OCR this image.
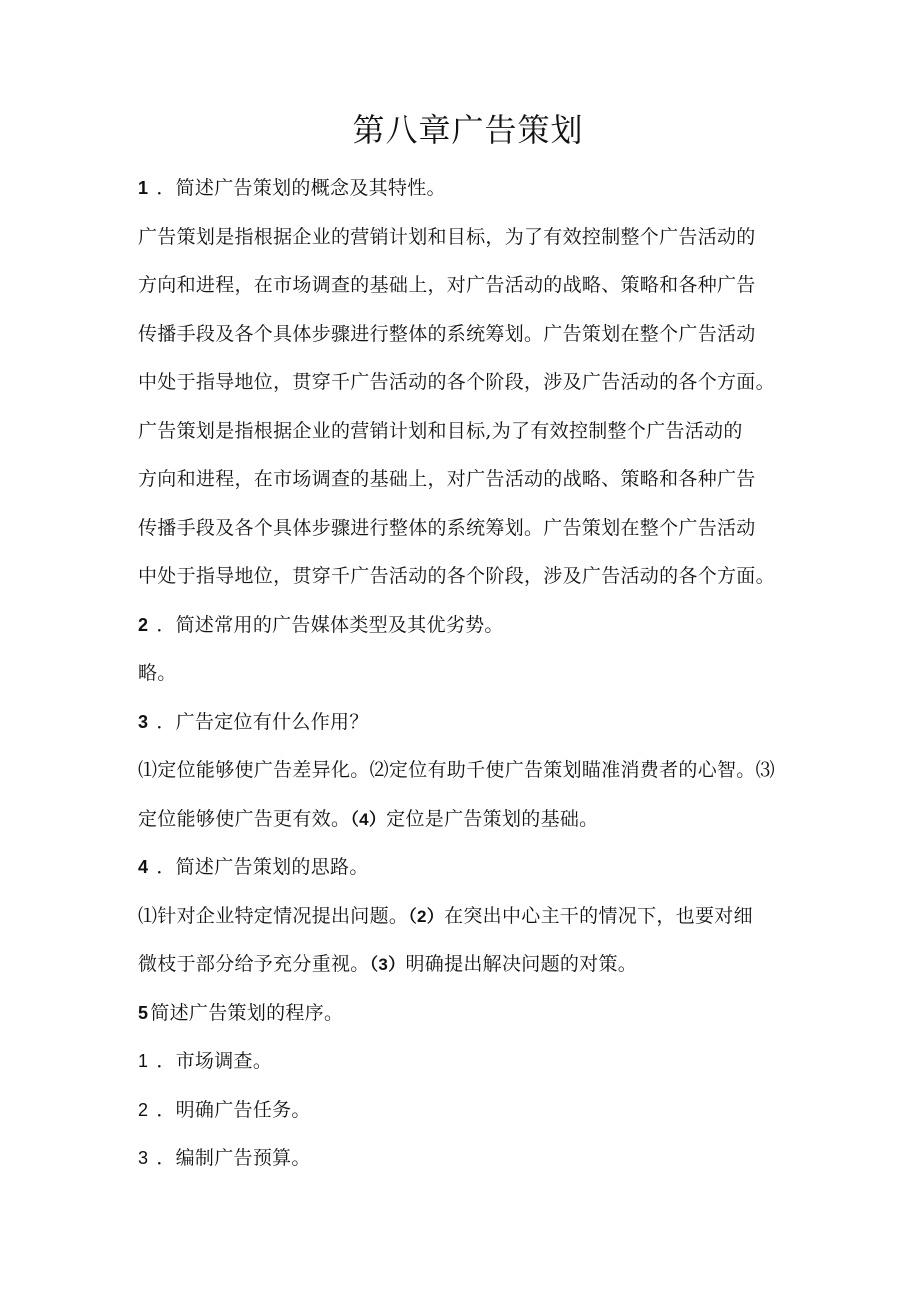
第八章广告策划
1 ．简述广告策划的概念及其特性。
广告策划是指根据企业的营销计划和目标，为了有效控制整个广告活动的
方向和进程，在市场调查的基础上，对广告活动的战略、策略和各种广告
传播手段及各个具体步骤进行整体的系统筹划。广告策划在整个广告活动
中处于指导地位，贯穿千广告活动的各个阶段，涉及广告活动的各个方面。
广告策划是指根据企业的营销计划和目标,为了有效控制整个广告活动的
方向和进程，在市场调查的基础上，对广告活动的战略、策略和各种广告
传播手段及各个具体步骤进行整体的系统筹划。广告策划在整个广告活动
中处于指导地位，贯穿千广告活动的各个阶段，涉及广告活动的各个方面。
2 ．简述常用的广告媒体类型及其优劣势。
略。
3 ．广告定位有什么作用？
⑴定位能够使广告差异化。⑵定位有助千使广告策划瞄准消费者的心智。⑶
定位能够使广告更有效。（4）定位是广告策划的基础。
4 ．简述广告策划的思路。
⑴针对企业特定情况提出问题。（2）在突出中心主干的情况下，也要对细
微枝于部分给予充分重视。（3）明确提出解决问题的对策。
5 简述广告策划的程序。
1 ．市场调查。
2 ．明确广告任务。
3 ．编制广告预算。
